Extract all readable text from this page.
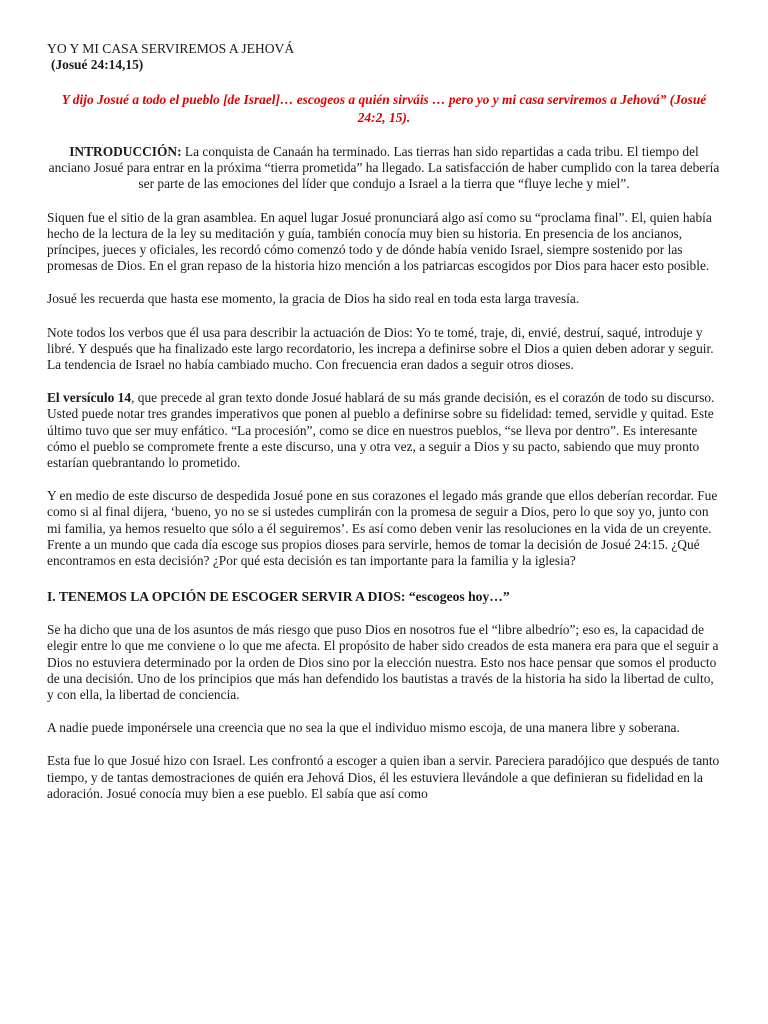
YO Y MI CASA SERVIREMOS A JEHOVÁ

(Josué 24:14,15)

Y dijo Josué a todo el pueblo [de Israel]… escogeos a quién sirváis … pero yo y mi casa serviremos a Jehová” (Josué 24:2, 15).

INTRODUCCIÓN: La conquista de Canaán ha terminado. Las tierras han sido repartidas a cada tribu. El tiempo del anciano Josué para entrar en la próxima “tierra prometida” ha llegado. La satisfacción de haber cumplido con la tarea debería ser parte de las emociones del líder que condujo a Israel a la tierra que “fluye leche y miel”.

Siquen fue el sitio de la gran asamblea. En aquel lugar Josué pronunciará algo así como su “proclama final”. El, quien había hecho de la lectura de la ley su meditación y guía, también conocía muy bien su historia. En presencia de los ancianos, príncipes, jueces y oficiales, les recordó cómo comenzó todo y de dónde había venido Israel, siempre sostenido por las promesas de Dios. En el gran repaso de la historia hizo mención a los patriarcas escogidos por Dios para hacer esto posible.

Josué les recuerda que hasta ese momento, la gracia de Dios ha sido real en toda esta larga travesía.

Note todos los verbos que él usa para describir la actuación de Dios: Yo te tomé, traje, di, envié, destruí, saqué, introduje y libré. Y después que ha finalizado este largo recordatorio, les increpa a definirse sobre el Dios a quien deben adorar y seguir. La tendencia de Israel no había cambiado mucho. Con frecuencia eran dados a seguir otros dioses.

El versículo 14, que precede al gran texto donde Josué hablará de su más grande decisión, es el corazón de todo su discurso. Usted puede notar tres grandes imperativos que ponen al pueblo a definirse sobre su fidelidad: temed, servidle y quitad. Este último tuvo que ser muy enfático. “La procesión”, como se dice en nuestros pueblos, “se lleva por dentro”. Es interesante cómo el pueblo se compromete frente a este discurso, una y otra vez, a seguir a Dios y su pacto, sabiendo que muy pronto estarían quebrantando lo prometido.

Y en medio de este discurso de despedida Josué pone en sus corazones el legado más grande que ellos deberían recordar. Fue como si al final dijera, ‘bueno, yo no se si ustedes cumplirán con la promesa de seguir a Dios, pero lo que soy yo, junto con mi familia, ya hemos resuelto que sólo a él seguiremos’. Es así como deben venir las resoluciones en la vida de un creyente. Frente a un mundo que cada día escoge sus propios dioses para servirle, hemos de tomar la decisión de Josué 24:15. ¿Qué encontramos en esta decisión? ¿Por qué esta decisión es tan importante para la familia y la iglesia?

I. TENEMOS LA OPCIÓN DE ESCOGER SERVIR A DIOS: “escogeos hoy…”

Se ha dicho que una de los asuntos de más riesgo que puso Dios en nosotros fue el “libre albedrío”; eso es, la capacidad de elegir entre lo que me conviene o lo que me afecta. El propósito de haber sido creados de esta manera era para que el seguir a Dios no estuviera determinado por la orden de Dios sino por la elección nuestra. Esto nos hace pensar que somos el producto de una decisión. Uno de los principios que más han defendido los bautistas a través de la historia ha sido la libertad de culto, y con ella, la libertad de conciencia.

A nadie puede imponérsele una creencia que no sea la que el individuo mismo escoja, de una manera libre y soberana.

Esta fue lo que Josué hizo con Israel. Les confrontó a escoger a quien iban a servir. Pareciera paradójico que después de tanto tiempo, y de tantas demostraciones de quién era Jehová Dios, él les estuviera llevándole a que definieran su fidelidad en la adoración. Josué conocía muy bien a ese pueblo. El sabía que así como
